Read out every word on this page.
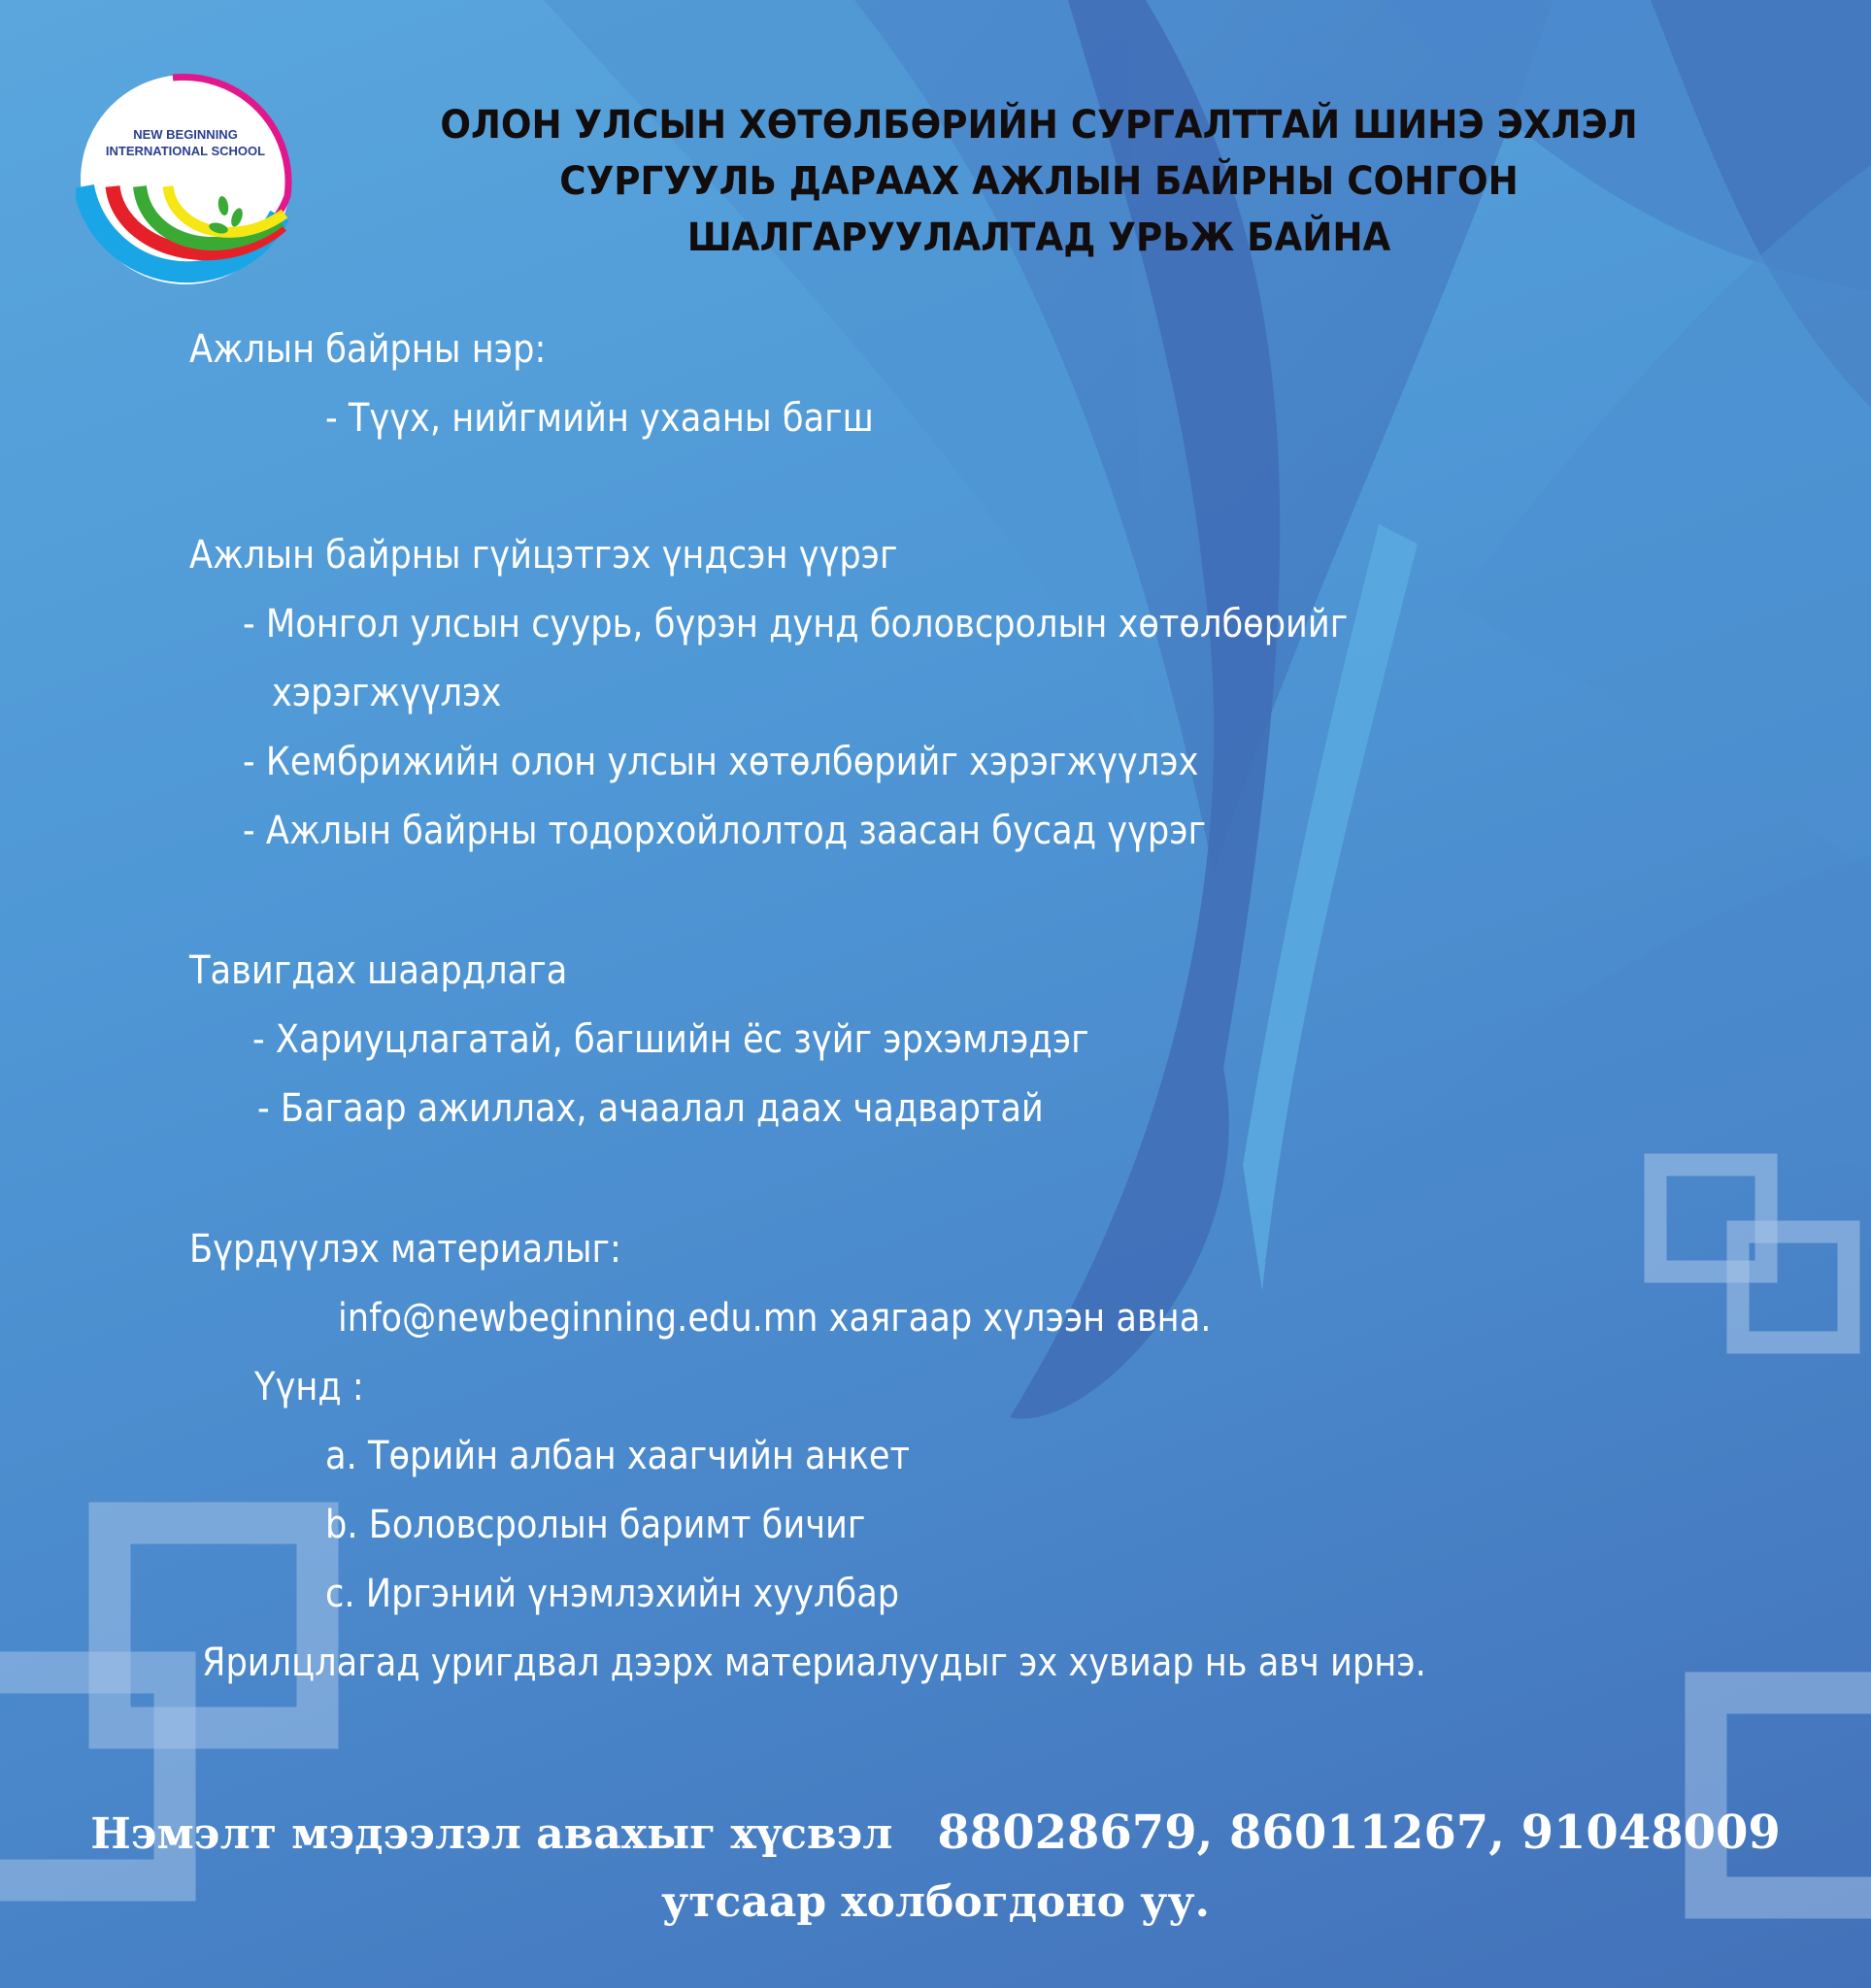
NEW BEGINNING
INTERNATIONAL SCHOOL
ОЛОН УЛСЫН ХӨТӨЛБӨРИЙН СУРГАЛТТАЙ ШИНЭ ЭХЛЭЛ
СУРГУУЛЬ ДАРААХ АЖЛЫН БАЙРНЫ СОНГОН
ШАЛГАРУУЛАЛТАД УРЬЖ БАЙНА
Ажлын байрны нэр:
- Түүх, нийгмийн ухааны багш
Ажлын байрны гүйцэтгэх үндсэн үүрэг
- Монгол улсын суурь, бүрэн дунд боловсролын хөтөлбөрийг
хэрэгжүүлэх
- Кембрижийн олон улсын хөтөлбөрийг хэрэгжүүлэх
- Ажлын байрны тодорхойлолтод заасан бусад үүрэг
Тавигдах шаардлага
- Хариуцлагатай, багшийн ёс зүйг эрхэмлэдэг
- Багаар ажиллах, ачаалал даах чадвартай
Бүрдүүлэх материалыг:
info@newbeginning.edu.mn хаягаар хүлээн авна.
Үүнд :
a. Төрийн албан хаагчийн анкет
b. Боловсролын баримт бичиг
c. Иргэний үнэмлэхийн хуулбар
Ярилцлагад уригдвал дээрх материалуудыг эх хувиар нь авч ирнэ.
Нэмэлт мэдээлэл авахыг хүсвэл 88028679, 86011267, 91048009
утсаар холбогдоно уу.
